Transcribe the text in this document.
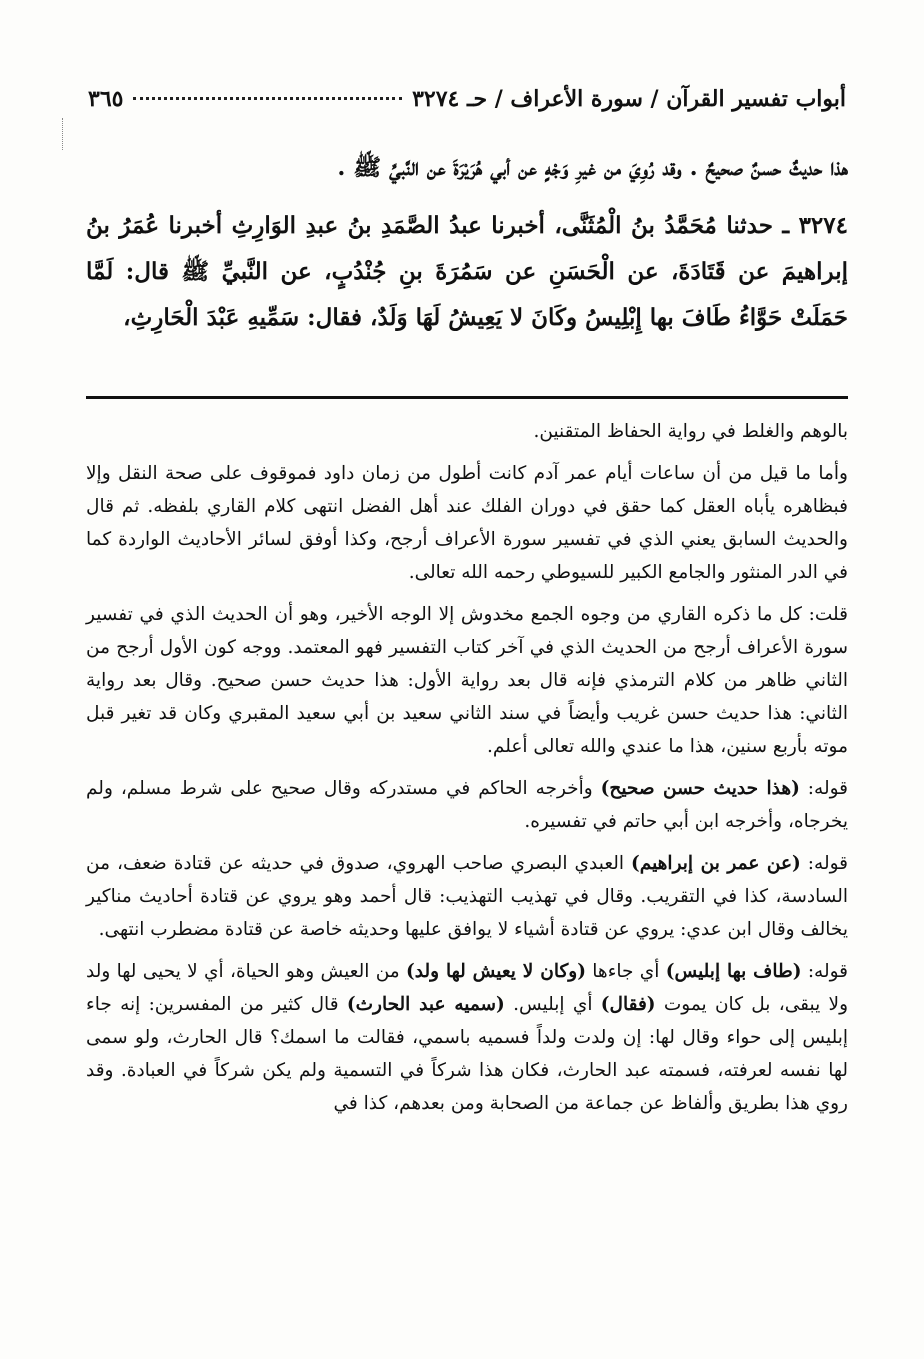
أبواب تفسير القرآن / سورة الأعراف / حـ ٣٢٧٤
٣٦٥

هذا حديثٌ حسنٌ صحيحٌ . وقد رُوِيَ من غيرِ وَجْهٍ عن أبي هُرَيْرَةَ عن النَّبيِّ ﷺ .

٣٢٧٤ ـ حدثنا مُحَمَّدُ بنُ الْمُثَنَّى، أخبرنا عبدُ الصَّمَدِ بنُ عبدِ الوَارِثِ أخبرنا عُمَرُ بنُ إبراهيمَ عن قَتَادَةَ، عن الْحَسَنِ عن سَمُرَةَ بنِ جُنْدُبٍ، عن النَّبيِّ ﷺ قال: لَمَّا حَمَلَتْ حَوَّاءُ طَافَ بها إِبْلِيسُ وكَانَ لا يَعِيشُ لَهَا وَلَدٌ، فقال: سَمِّيهِ عَبْدَ الْحَارِثِ،

بالوهم والغلط في رواية الحفاظ المتقنين.

وأما ما قيل من أن ساعات أيام عمر آدم كانت أطول من زمان داود فموقوف على صحة النقل وإلا فبظاهره يأباه العقل كما حقق في دوران الفلك عند أهل الفضل انتهى كلام القاري بلفظه. ثم قال والحديث السابق يعني الذي في تفسير سورة الأعراف أرجح، وكذا أوفق لسائر الأحاديث الواردة كما في الدر المنثور والجامع الكبير للسيوطي رحمه الله تعالى.

قلت: كل ما ذكره القاري من وجوه الجمع مخدوش إلا الوجه الأخير، وهو أن الحديث الذي في تفسير سورة الأعراف أرجح من الحديث الذي في آخر كتاب التفسير فهو المعتمد. ووجه كون الأول أرجح من الثاني ظاهر من كلام الترمذي فإنه قال بعد رواية الأول: هذا حديث حسن صحيح. وقال بعد رواية الثاني: هذا حديث حسن غريب وأيضاً في سند الثاني سعيد بن أبي سعيد المقبري وكان قد تغير قبل موته بأربع سنين، هذا ما عندي والله تعالى أعلم.

قوله: (هذا حديث حسن صحيح) وأخرجه الحاكم في مستدركه وقال صحيح على شرط مسلم، ولم يخرجاه، وأخرجه ابن أبي حاتم في تفسيره.

قوله: (عن عمر بن إبراهيم) العبدي البصري صاحب الهروي، صدوق في حديثه عن قتادة ضعف، من السادسة، كذا في التقريب. وقال في تهذيب التهذيب: قال أحمد وهو يروي عن قتادة أحاديث مناكير يخالف وقال ابن عدي: يروي عن قتادة أشياء لا يوافق عليها وحديثه خاصة عن قتادة مضطرب انتهى.

قوله: (طاف بها إبليس) أي جاءها (وكان لا يعيش لها ولد) من العيش وهو الحياة، أي لا يحيى لها ولد ولا يبقى، بل كان يموت (فقال) أي إبليس. (سميه عبد الحارث) قال كثير من المفسرين: إنه جاء إبليس إلى حواء وقال لها: إن ولدت ولداً فسميه باسمي، فقالت ما اسمك؟ قال الحارث، ولو سمى لها نفسه لعرفته، فسمته عبد الحارث، فكان هذا شركاً في التسمية ولم يكن شركاً في العبادة. وقد روي هذا بطريق وألفاظ عن جماعة من الصحابة ومن بعدهم، كذا في
